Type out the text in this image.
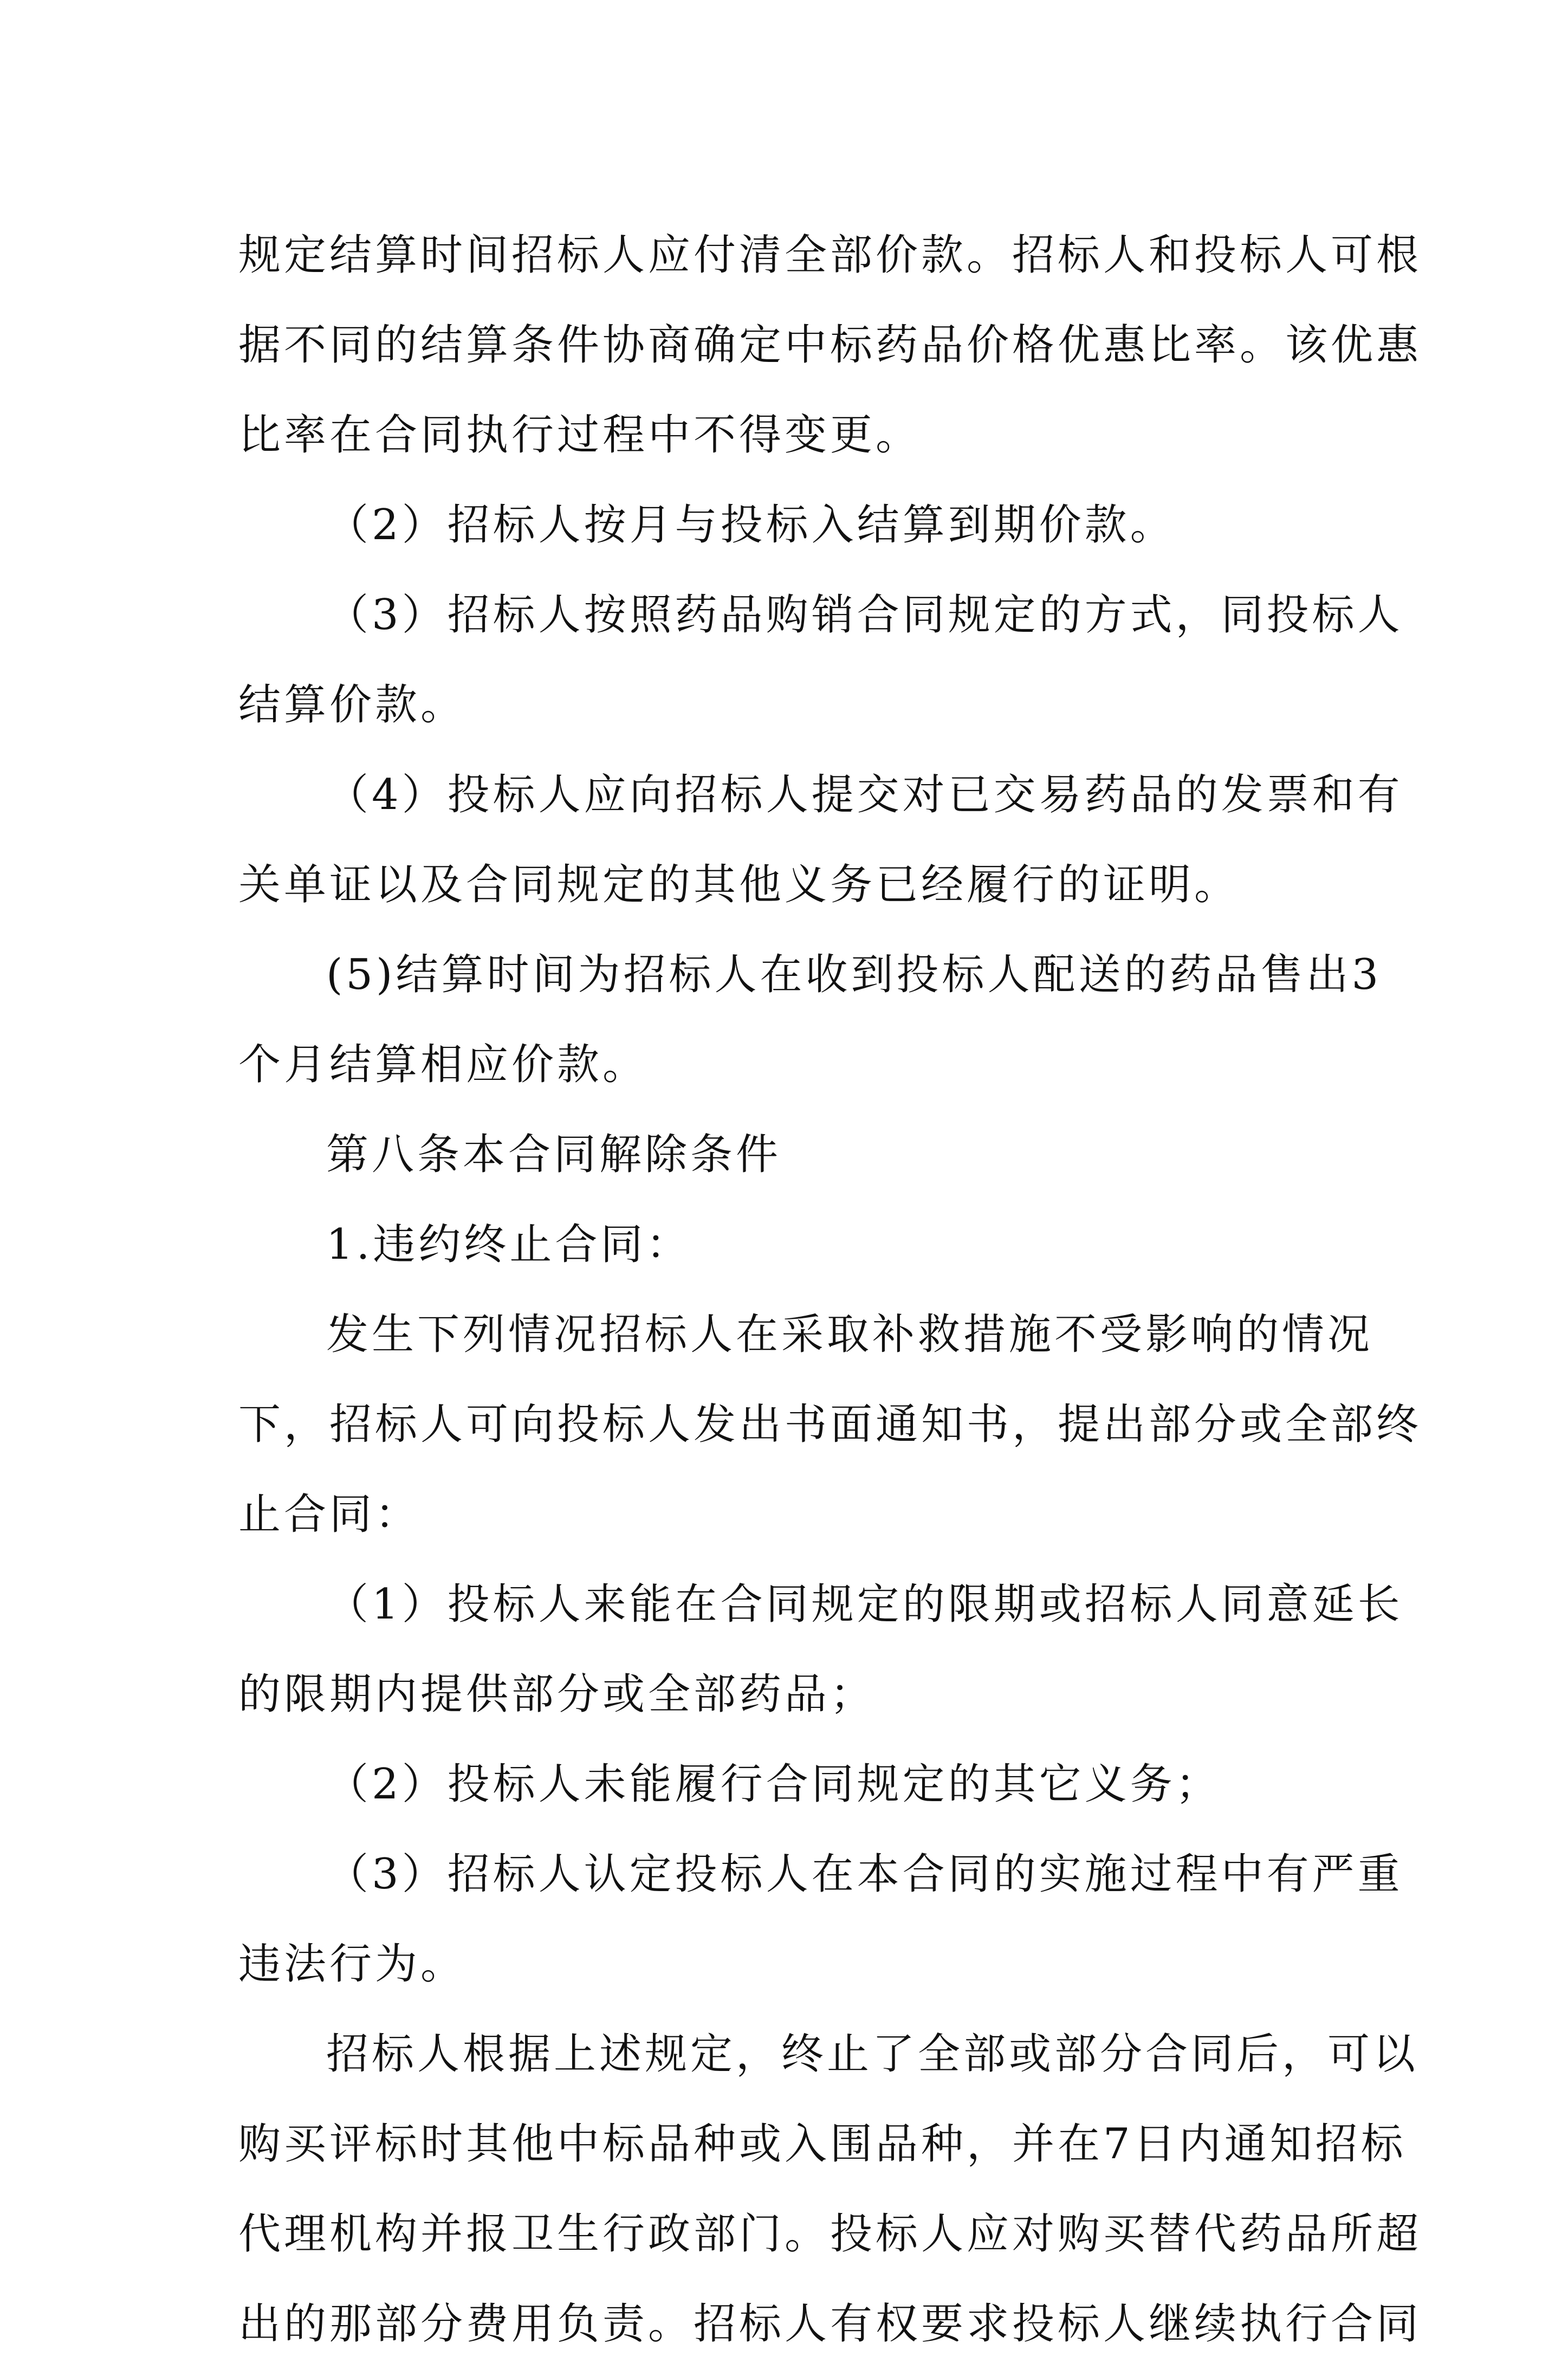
规定结算时间招标人应付清全部价款。招标人和投标人可根
据不同的结算条件协商确定中标药品价格优惠比率。该优惠
比率在合同执行过程中不得变更。
（2）招标人按月与投标入结算到期价款。
（3）招标人按照药品购销合同规定的方式，同投标人
结算价款。
（4）投标人应向招标人提交对已交易药品的发票和有
关单证以及合同规定的其他义务已经履行的证明。
(5)结算时间为招标人在收到投标人配送的药品售出3
个月结算相应价款。
第八条本合同解除条件
1.违约终止合同：
发生下列情况招标人在采取补救措施不受影响的情况
下，招标人可向投标人发出书面通知书，提出部分或全部终
止合同：
（1）投标人来能在合同规定的限期或招标人同意延长
的限期内提供部分或全部药品；
（2）投标人未能履行合同规定的其它义务；
（3）招标人认定投标人在本合同的实施过程中有严重
违法行为。
招标人根据上述规定，终止了全部或部分合同后，可以
购买评标时其他中标品种或入围品种，并在7日内通知招标
代理机构并报卫生行政部门。投标人应对购买替代药品所超
出的那部分费用负责。招标人有权要求投标人继续执行合同
